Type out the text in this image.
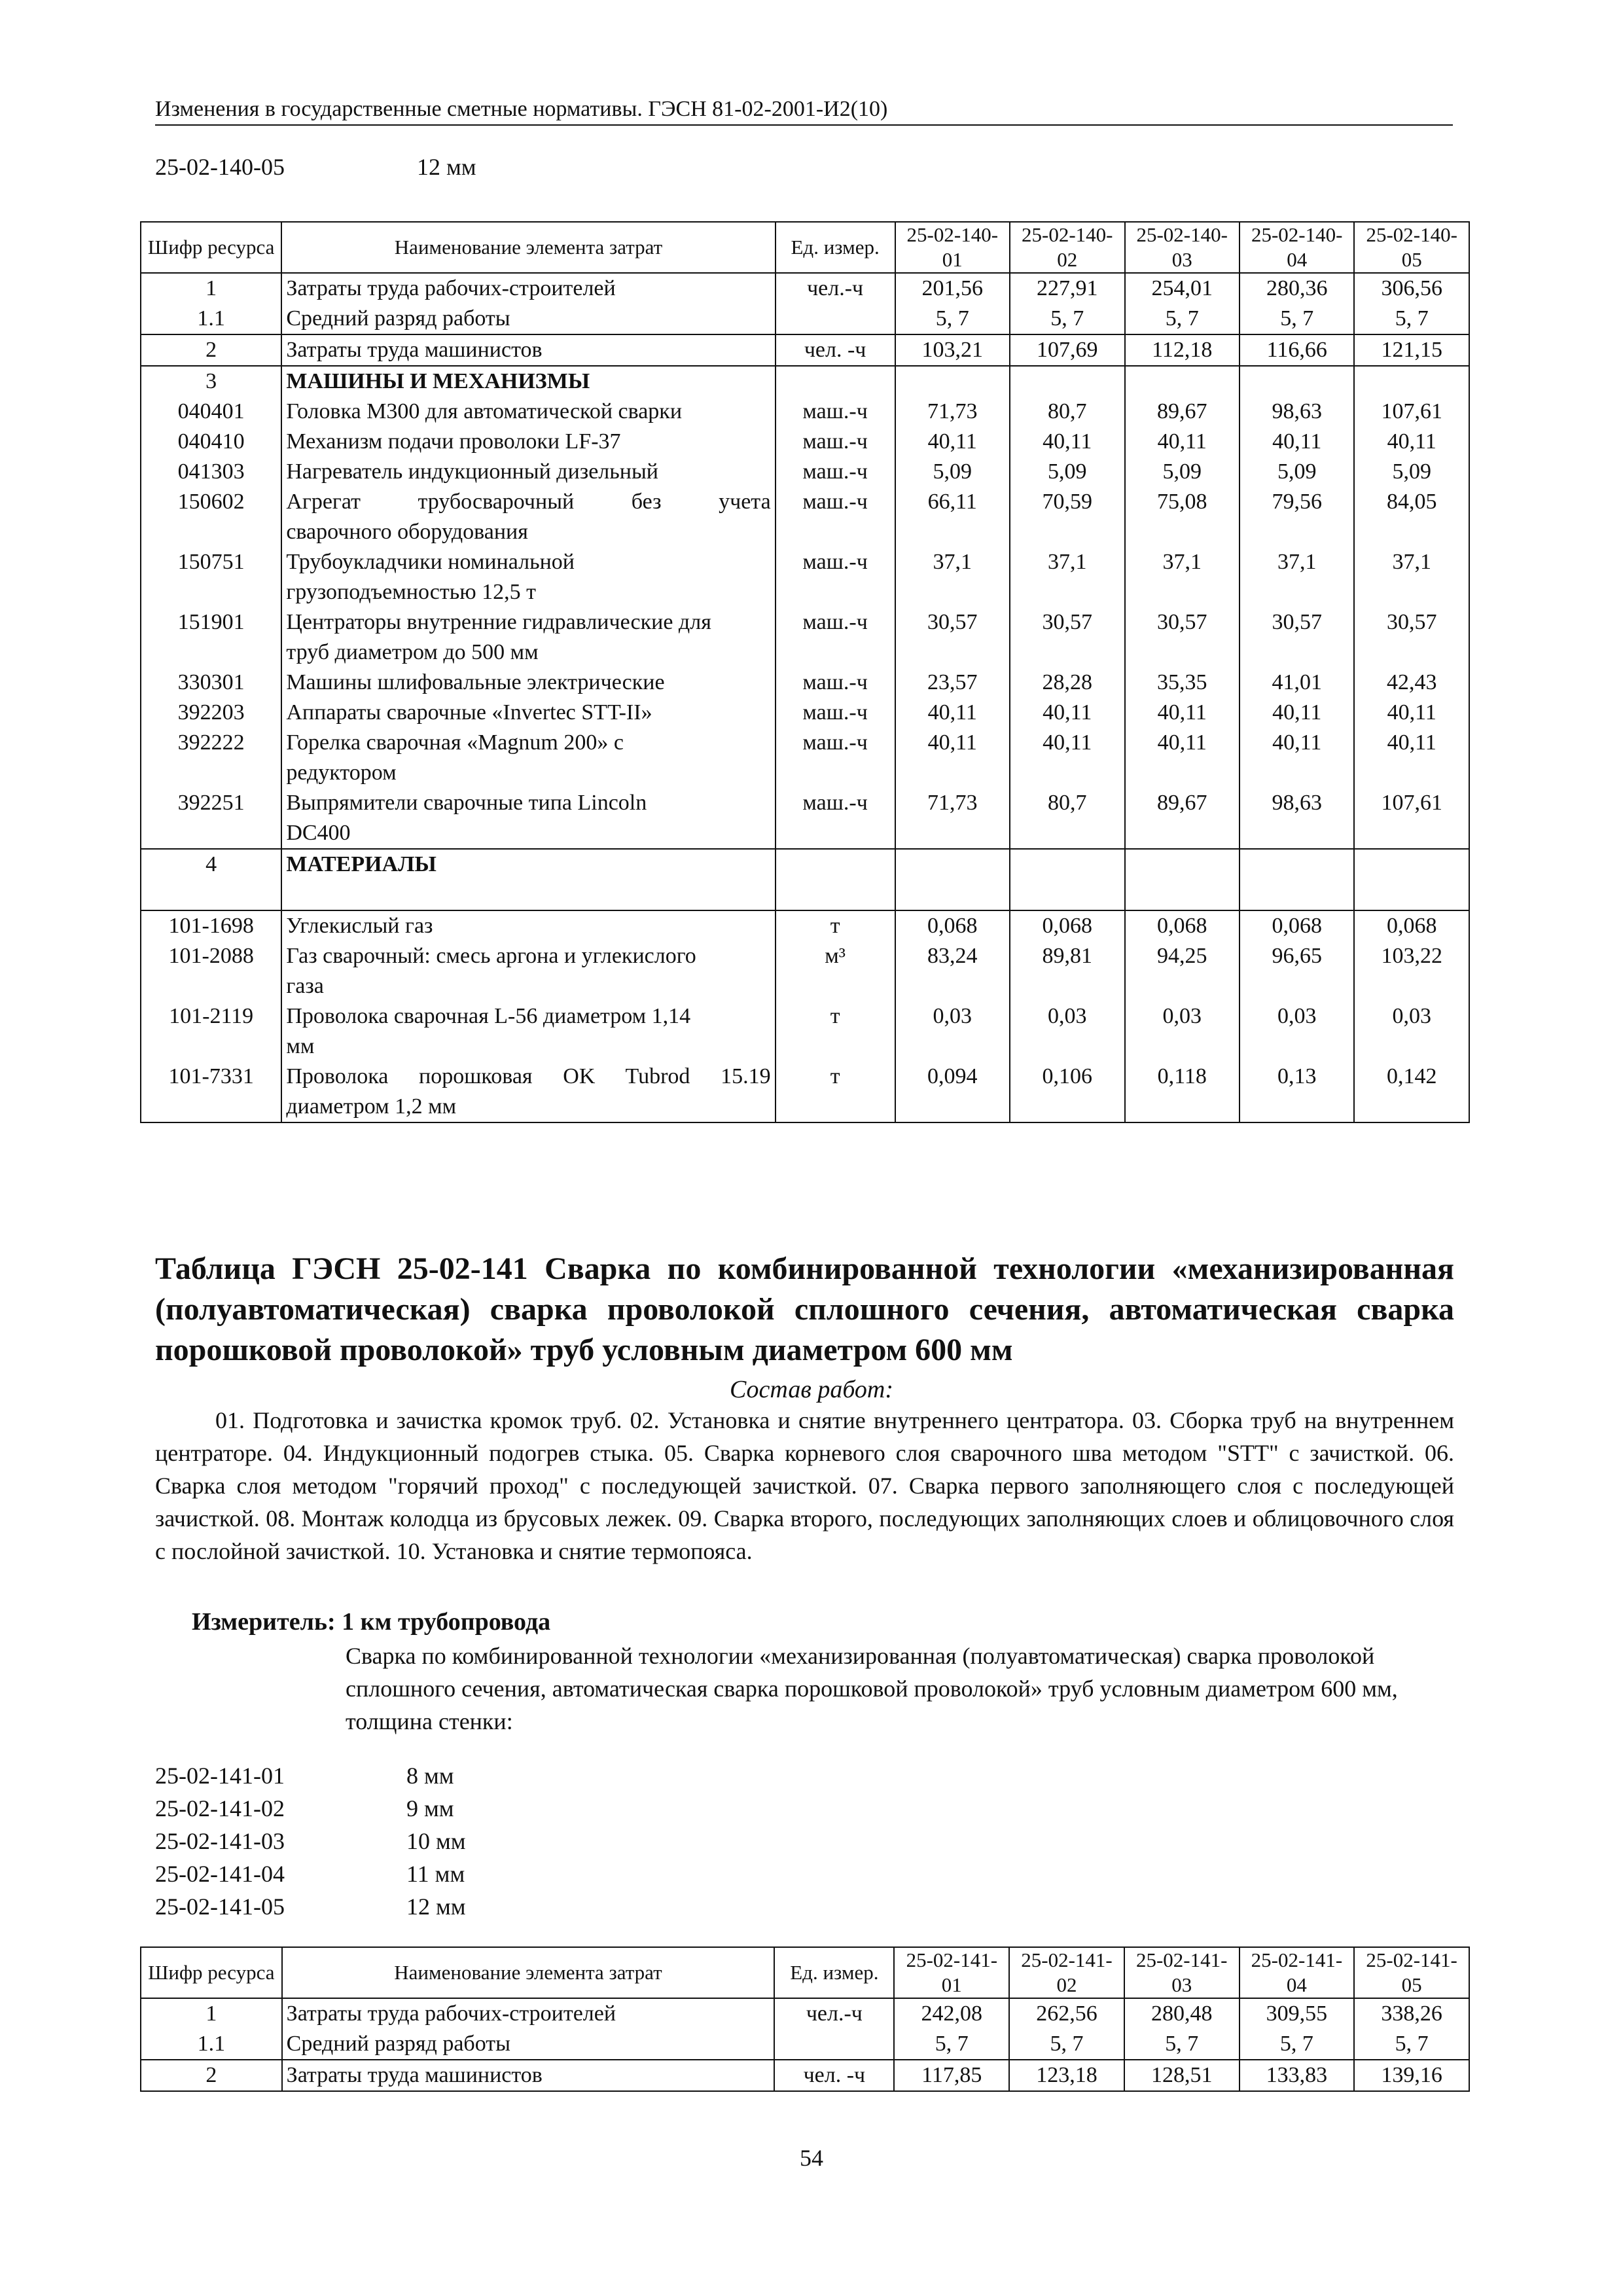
Изменения в государственные сметные нормативы. ГЭСН 81-02-2001-И2(10)
25-02-140-05	12 мм
Шифр ресурса	Наименование элемента затрат	Ед. измер.	25-02-140-01	25-02-140-02	25-02-140-03	25-02-140-04	25-02-140-05
1	Затраты труда рабочих-строителей	чел.-ч	201,56	227,91	254,01	280,36	306,56
1.1	Средний разряд работы		5, 7	5, 7	5, 7	5, 7	5, 7
2	Затраты труда машинистов	чел. -ч	103,21	107,69	112,18	116,66	121,15
3	МАШИНЫ И МЕХАНИЗМЫ						

040401	Головка М300 для автоматической сварки	маш.-ч	71,73	80,7	89,67	98,63	107,61
040410	Механизм подачи проволоки LF-37	маш.-ч	40,11	40,11	40,11	40,11	40,11
041303	Нагреватель индукционный дизельный	маш.-ч	5,09	5,09	5,09	5,09	5,09
150602	Агрегат трубосварочный без учета
сварочного оборудования	маш.-ч	66,11	70,59	75,08	79,56	84,05
150751	Трубоукладчики номинальной
грузоподъемностью 12,5 т	маш.-ч	37,1	37,1	37,1	37,1	37,1
151901	Центраторы внутренние гидравлические для
труб диаметром до 500 мм	маш.-ч	30,57	30,57	30,57	30,57	30,57
330301	Машины шлифовальные электрические	маш.-ч	23,57	28,28	35,35	41,01	42,43
392203	Аппараты сварочные «Invertec STT-II»	маш.-ч	40,11	40,11	40,11	40,11	40,11
392222	Горелка сварочная «Magnum 200» с
редуктором	маш.-ч	40,11	40,11	40,11	40,11	40,11
392251	Выпрямители сварочные типа Lincoln
DC400	маш.-ч	71,73	80,7	89,67	98,63	107,61
4	МАТЕРИАЛЫ						

101-1698	Углекислый газ	т	0,068	0,068	0,068	0,068	0,068
101-2088	Газ сварочный: смесь аргона и углекислого
газа	м³	83,24	89,81	94,25	96,65	103,22
101-2119	Проволока сварочная L-56 диаметром 1,14
мм	т	0,03	0,03	0,03	0,03	0,03
101-7331	Проволока порошковая OK Tubrod 15.19
диаметром 1,2 мм	т	0,094	0,106	0,118	0,13	0,142
Таблица ГЭСН 25-02-141 Сварка по комбинированной технологии «механизированная (полуавтоматическая) сварка проволокой сплошного сечения, автоматическая сварка порошковой проволокой» труб условным диаметром 600 мм
Состав работ:
01. Подготовка и зачистка кромок труб. 02. Установка и снятие внутреннего центратора. 03. Сборка труб на внутреннем центраторе. 04. Индукционный подогрев стыка. 05. Сварка корневого слоя сварочного шва методом "STT" с зачисткой. 06. Сварка слоя методом "горячий проход" с последующей зачисткой. 07. Сварка первого заполняющего слоя с последующей зачисткой. 08. Монтаж колодца из брусовых лежек. 09. Сварка второго, последующих заполняющих слоев и облицовочного слоя с послойной зачисткой. 10. Установка и снятие термопояса.
Измеритель: 1 км трубопровода
Сварка по комбинированной технологии «механизированная (полуавтоматическая) сварка проволокой сплошного сечения, автоматическая сварка порошковой проволокой» труб условным диаметром 600 мм, толщина стенки:
25-02-141-01	8 мм
25-02-141-02	9 мм
25-02-141-03	10 мм
25-02-141-04	11 мм
25-02-141-05	12 мм
Шифр ресурса	Наименование элемента затрат	Ед. измер.	25-02-141-01	25-02-141-02	25-02-141-03	25-02-141-04	25-02-141-05
1	Затраты труда рабочих-строителей	чел.-ч	242,08	262,56	280,48	309,55	338,26
1.1	Средний разряд работы		5, 7	5, 7	5, 7	5, 7	5, 7
2	Затраты труда машинистов	чел. -ч	117,85	123,18	128,51	133,83	139,16
54
